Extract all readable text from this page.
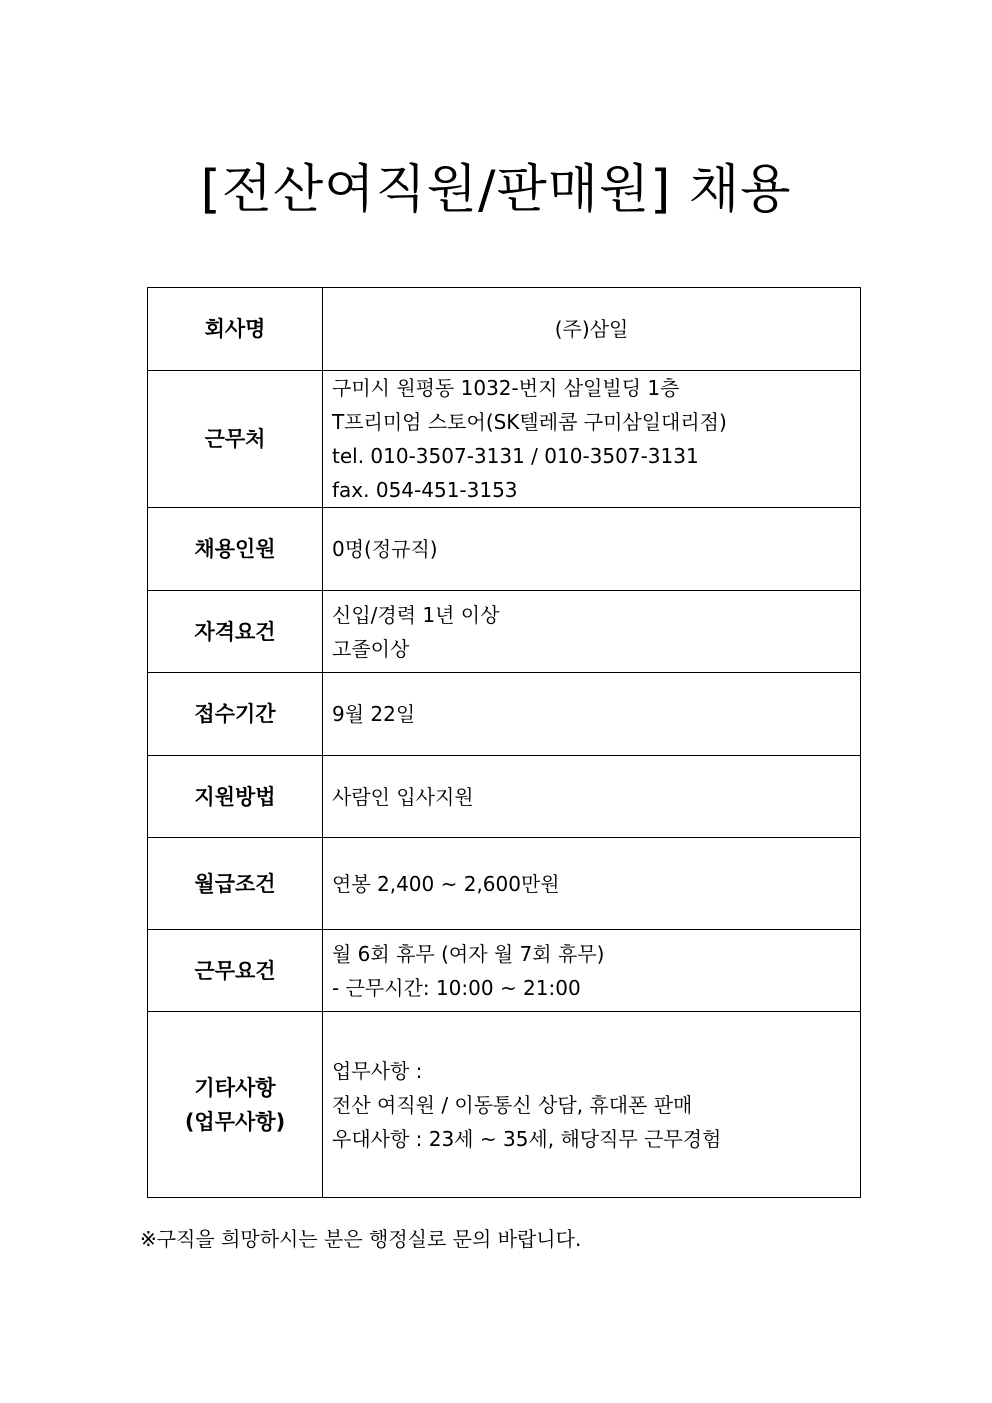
[전산여직원/판매원] 채용
회사명	(주)삼일

근무처	구미시 원평동 1032-번지 삼일빌딩 1층
T프리미엄 스토어(SK텔레콤 구미삼일대리점)
tel. 010-3507-3131 / 010-3507-3131
fax. 054-451-3153

채용인원	0명(정규직)

자격요건	신입/경력 1년 이상
고졸이상

접수기간	9월 22일

지원방법	사람인 입사지원

월급조건	연봉 2,400 ~ 2,600만원

근무요건	월 6회 휴무 (여자 월 7회 휴무)
- 근무시간: 10:00 ~ 21:00

기타사항
(업무사항)	업무사항 :
전산 여직원 / 이동통신 상담, 휴대폰 판매
우대사항 : 23세 ~ 35세, 해당직무 근무경험

※구직을 희망하시는 분은 행정실로 문의 바랍니다.
